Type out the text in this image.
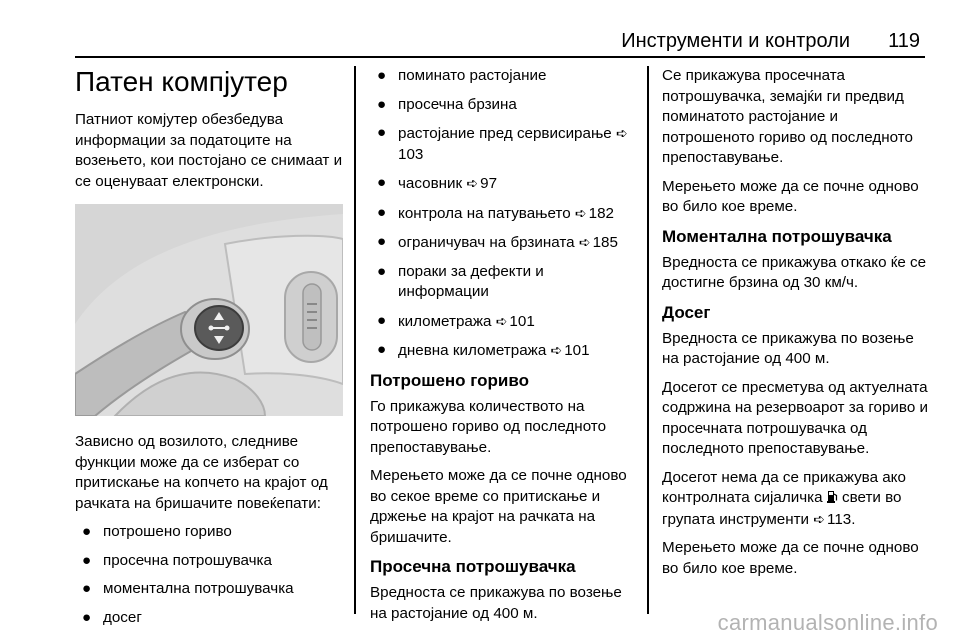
Инструменти и контроли 119
Патен компјутер

Патниот комјутер обезбедува информации за податоците на возењето, кои постојано се снимаат и се оценуваат електронски.

Зависно од возилото, следниве функции може да се изберат со притискање на копчето на крајот од рачката на бришачите повеќепати:

● потрошено гориво
● просечна потрошувачка
● моментална потрошувачка
● досег
● поминато растојание
● просечна брзина
● растојание пред сервисирање ➪103
● часовник ➪ 97
● контрола на патувањето ➪ 182
● ограничувач на брзината ➪ 185
● пораки за дефекти и информации
● километража ➪ 101
● дневна километража ➪ 101
Потрошено гориво

Го прикажува количеството на потрошено гориво од последното препоставување.

Мерењето може да се почне одново во секое време со притискање и држење на крајот на рачката на бришачите.

Просечна потрошувачка

Вредноста се прикажува по возење на растојание од 400 м.

Се прикажува просечната потрошувачка, земајќи ги предвид поминатото растојание и потрошеното гориво од последното препоставување.

Мерењето може да се почне одново во било кое време.

Моментална потрошувачка

Вредноста се прикажува откако ќе се достигне брзина од 30 км/ч.

Досег

Вредноста се прикажува по возење на растојание од 400 м.

Досегот се пресметува од актуелната содржина на резервоарот за гориво и просечната потрошувачка од последното препоставување.

Досегот нема да се прикажува ако контролната сијаличка свети во групата инструменти ➪ 113.

Мерењето може да се почне одново во било кое време.

carmanualsonline.info
